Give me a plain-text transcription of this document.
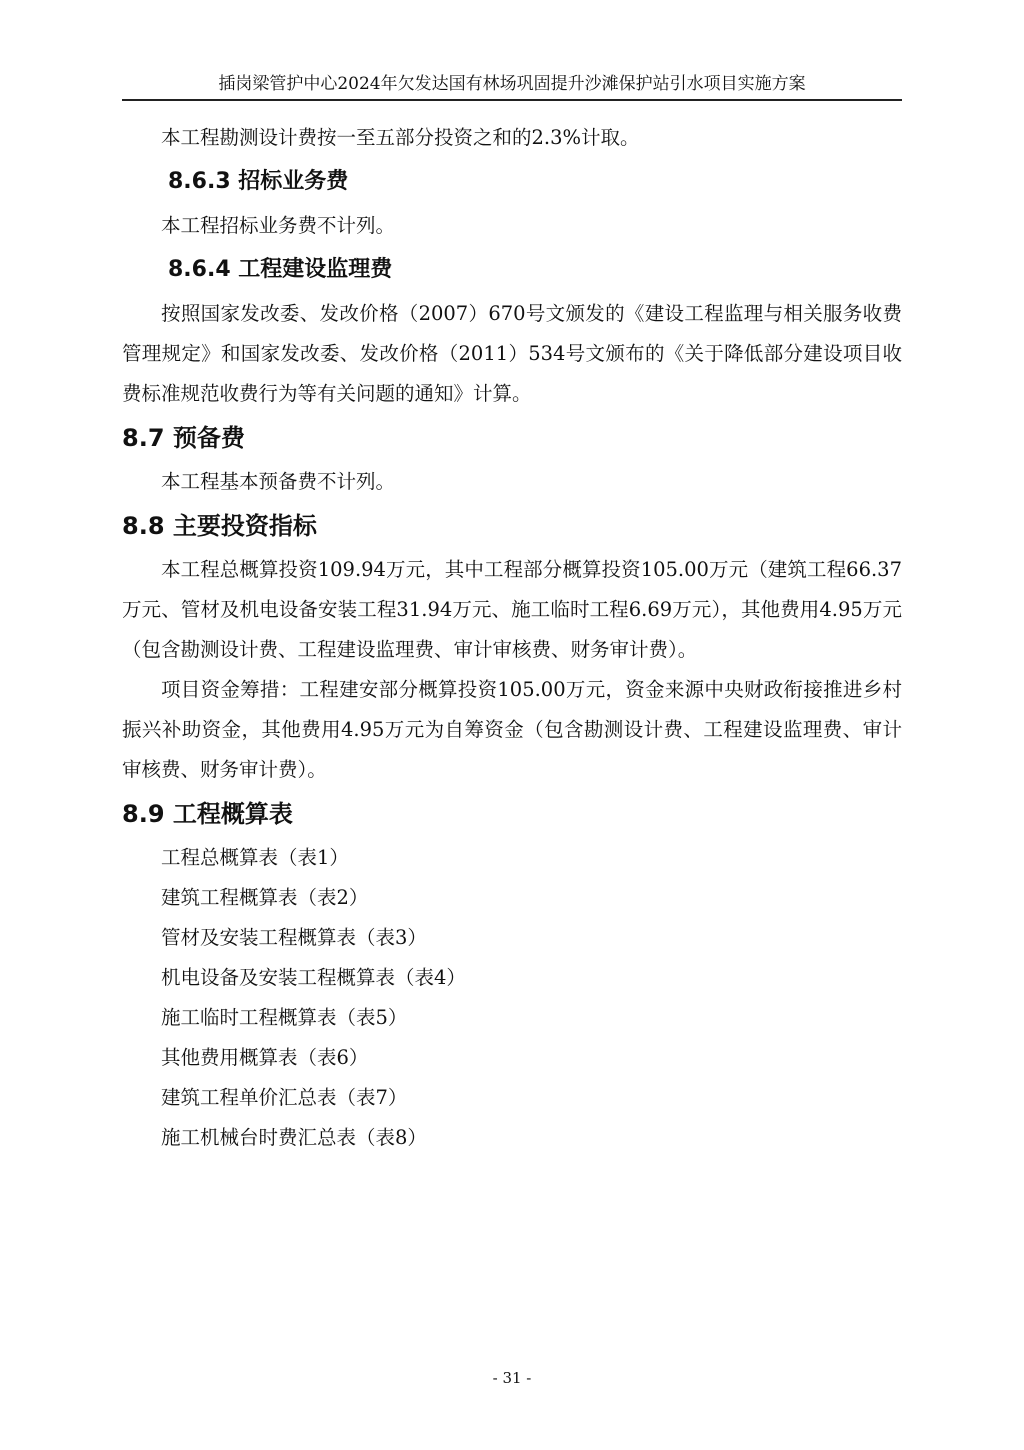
插岗梁管护中心2024年欠发达国有林场巩固提升沙滩保护站引水项目实施方案

本工程勘测设计费按一至五部分投资之和的2.3%计取。

8.6.3 招标业务费

本工程招标业务费不计列。

8.6.4 工程建设监理费

按照国家发改委、发改价格（2007）670号文颁发的《建设工程监理与相关服务收费管理规定》和国家发改委、发改价格（2011）534号文颁布的《关于降低部分建设项目收费标准规范收费行为等有关问题的通知》计算。

8.7 预备费

本工程基本预备费不计列。

8.8 主要投资指标

本工程总概算投资109.94万元，其中工程部分概算投资105.00万元（建筑工程66.37万元、管材及机电设备安装工程31.94万元、施工临时工程6.69万元），其他费用4.95万元（包含勘测设计费、工程建设监理费、审计审核费、财务审计费）。

项目资金筹措：工程建安部分概算投资105.00万元，资金来源中央财政衔接推进乡村振兴补助资金，其他费用4.95万元为自筹资金（包含勘测设计费、工程建设监理费、审计审核费、财务审计费）。

8.9 工程概算表
工程总概算表（表1）
建筑工程概算表（表2）
管材及安装工程概算表（表3）
机电设备及安装工程概算表（表4）
施工临时工程概算表（表5）
其他费用概算表（表6）
建筑工程单价汇总表（表7）
施工机械台时费汇总表（表8）
- 31 -
